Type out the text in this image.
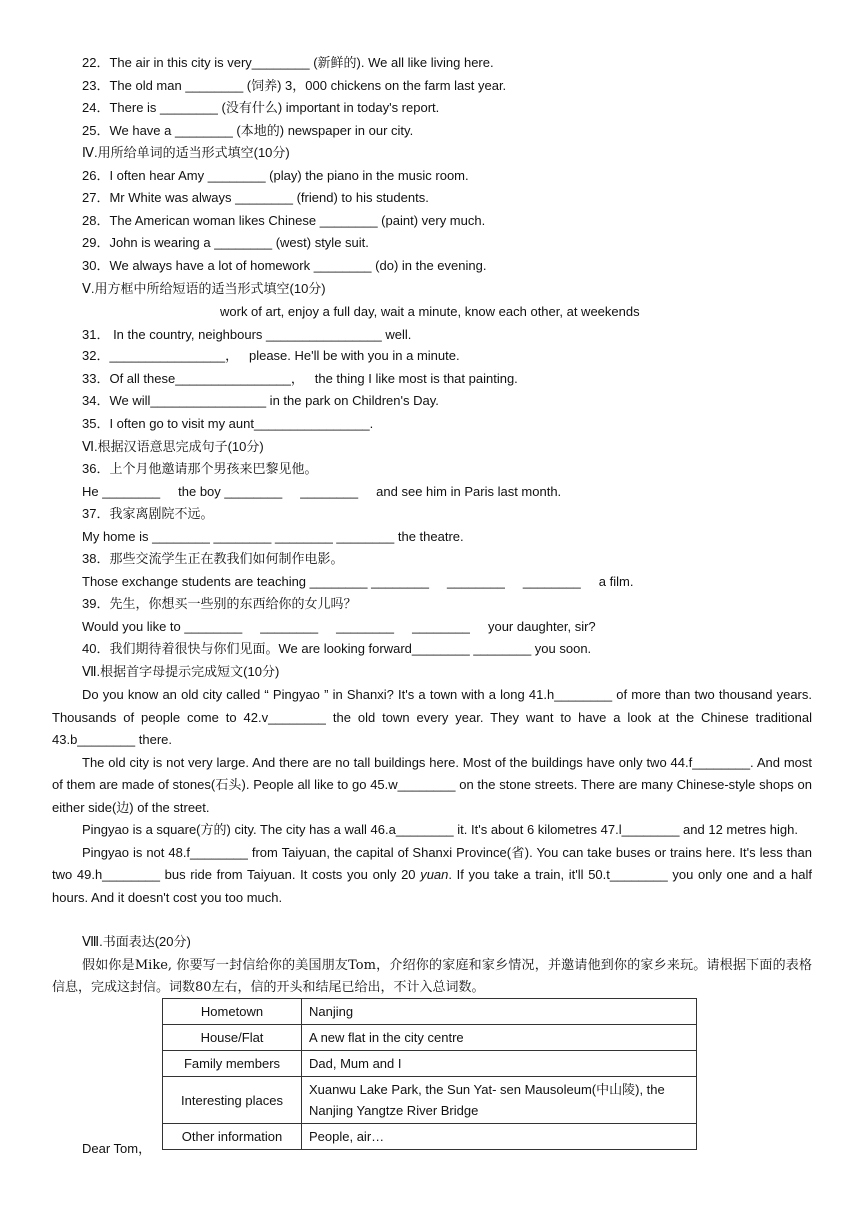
22．The air in this city is very________ (新鲜的). We all like living here.
23．The old man ________ (饲养) 3，000 chickens on the farm last year.
24．There is ________ (没有什么) important in today's report.
25．We have a ________ (本地的) newspaper in our city.
Ⅳ.用所给单词的适当形式填空(10分)
26．I often hear Amy ________ (play) the piano in the music room.
27．Mr White was always ________ (friend) to his students.
28．The American woman likes Chinese ________ (paint) very much.
29．John is wearing a ________ (west) style suit.
30．We always have a lot of homework ________ (do) in the evening.
Ⅴ.用方框中所给短语的适当形式填空(10分)
work of art, enjoy a full day, wait a minute, know each other, at weekends
31． In the country, neighbours ________________ well.
32．________________，   please. He'll be with you in a minute.
33．Of all these________________，   the thing I like most is that painting.
34．We will________________ in the park on Children's Day.
35．I often go to visit my aunt________________.
Ⅵ.根据汉语意思完成句子(10分)
36．上个月他邀请那个男孩来巴黎见他。
He ________     the boy ________     ________     and see him in Paris last month.
37．我家离剧院不远。
My home is ________ ________ ________ ________ the theatre.
38．那些交流学生正在教我们如何制作电影。
Those exchange students are teaching ________ ________     ________     ________     a film.
39．先生，你想买一些别的东西给你的女儿吗？
Would you like to ________     ________     ________     ________     your daughter, sir?
40．我们期待着很快与你们见面。We are looking forward________ ________ you soon.
Ⅶ.根据首字母提示完成短文(10分)

Do you know an old city called “ Pingyao ” in Shanxi? It's a town with a long 41.h________ of more than two thousand years. Thousands of people come to 42.v________ the old town every year. They want to have a look at the Chinese traditional 43.b________ there.

The old city is not very large. And there are no tall buildings here. Most of the buildings have only two 44.f________. And most of them are made of stones(石头). People all like to go 45.w________ on the stone streets. There are many Chinese-style shops on either side(边) of the street.

Pingyao is a square(方的) city. The city has a wall 46.a________ it. It's about 6 kilometres 47.l________ and 12 metres high.

Pingyao is not 48.f________ from Taiyuan, the capital of Shanxi Province(省). You can take buses or trains here. It's less than two 49.h________ bus ride from Taiyuan. It costs you only 20 yuan. If you take a train, it'll 50.t________ you only one and a half hours. And it doesn't cost you too much.

Ⅷ.书面表达(20分)

假如你是Mike, 你要写一封信给你的美国朋友Tom，介绍你的家庭和家乡情况，并邀请他到你的家乡来玩。请根据下面的表格信息，完成这封信。词数80左右，信的开头和结尾已给出，不计入总词数。

Hometown	Nanjing
House/Flat	A new flat in the city centre
Family members	Dad, Mum and I
Interesting places	Xuanwu Lake Park, the Sun Yat- sen Mausoleum(中山陵), the Nanjing Yangtze River Bridge
Other information	People, air…
Dear Tom，
